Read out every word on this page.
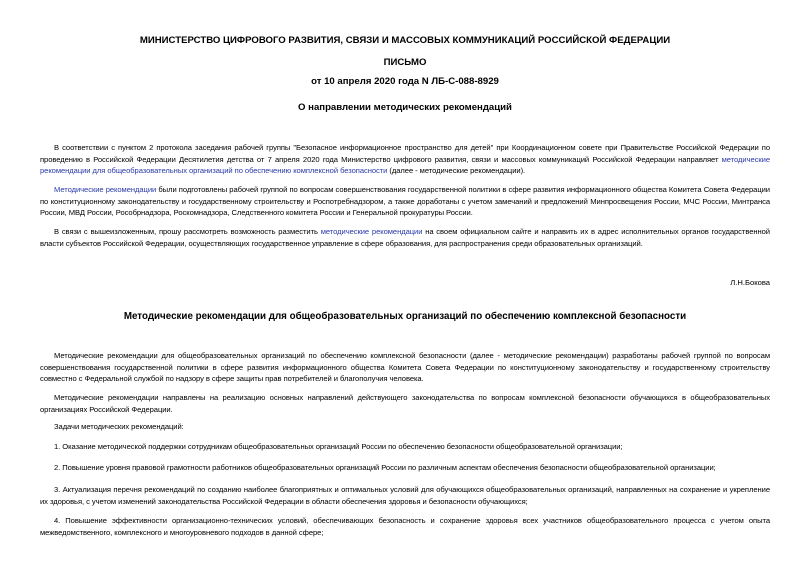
МИНИСТЕРСТВО ЦИФРОВОГО РАЗВИТИЯ, СВЯЗИ И МАССОВЫХ КОММУНИКАЦИЙ РОССИЙСКОЙ ФЕДЕРАЦИИ
ПИСЬМО
от 10 апреля 2020 года N ЛБ-С-088-8929
О направлении методических рекомендаций

В соответствии с пунктом 2 протокола заседания рабочей группы "Безопасное информационное пространство для детей" при Координационном совете при Правительстве Российской Федерации по проведению в Российской Федерации Десятилетия детства от 7 апреля 2020 года Министерство цифрового развития, связи и массовых коммуникаций Российской Федерации направляет методические рекомендации для общеобразовательных организаций по обеспечению комплексной безопасности (далее - методические рекомендации).

Методические рекомендации были подготовлены рабочей группой по вопросам совершенствования государственной политики в сфере развития информационного общества Комитета Совета Федерации по конституционному законодательству и государственному строительству и Роспотребнадзором, а также доработаны с учетом замечаний и предложений Минпросвещения России, МЧС России, Минтранса России, МВД России, Рособрнадзора, Роскомнадзора, Следственного комитета России и Генеральной прокуратуры России.

В связи с вышеизложенным, прошу рассмотреть возможность разместить методические рекомендации на своем официальном сайте и направить их в адрес исполнительных органов государственной власти субъектов Российской Федерации, осуществляющих государственное управление в сфере образования, для распространения среди образовательных организаций.

Л.Н.Бокова
Методические рекомендации для общеобразовательных организаций по обеспечению комплексной безопасности

Методические рекомендации для общеобразовательных организаций по обеспечению комплексной безопасности (далее - методические рекомендации) разработаны рабочей группой по вопросам совершенствования государственной политики в сфере развития информационного общества Комитета Совета Федерации по конституционному законодательству и государственному строительству совместно с Федеральной службой по надзору в сфере защиты прав потребителей и благополучия человека.

Методические рекомендации направлены на реализацию основных направлений действующего законодательства по вопросам комплексной безопасности обучающихся в общеобразовательных организациях Российской Федерации.

Задачи методических рекомендаций:

1. Оказание методической поддержки сотрудникам общеобразовательных организаций России по обеспечению безопасности общеобразовательной организации;

2. Повышение уровня правовой грамотности работников общеобразовательных организаций России по различным аспектам обеспечения безопасности общеобразовательной организации;

3. Актуализация перечня рекомендаций по созданию наиболее благоприятных и оптимальных условий для обучающихся общеобразовательных организаций, направленных на сохранение и укрепление их здоровья, с учетом изменений законодательства Российской Федерации в области обеспечения здоровья и безопасности обучающихся;

4. Повышение эффективности организационно-технических условий, обеспечивающих безопасность и сохранение здоровья всех участников общеобразовательного процесса с учетом опыта межведомственного, комплексного и многоуровневого подходов в данной сфере;
